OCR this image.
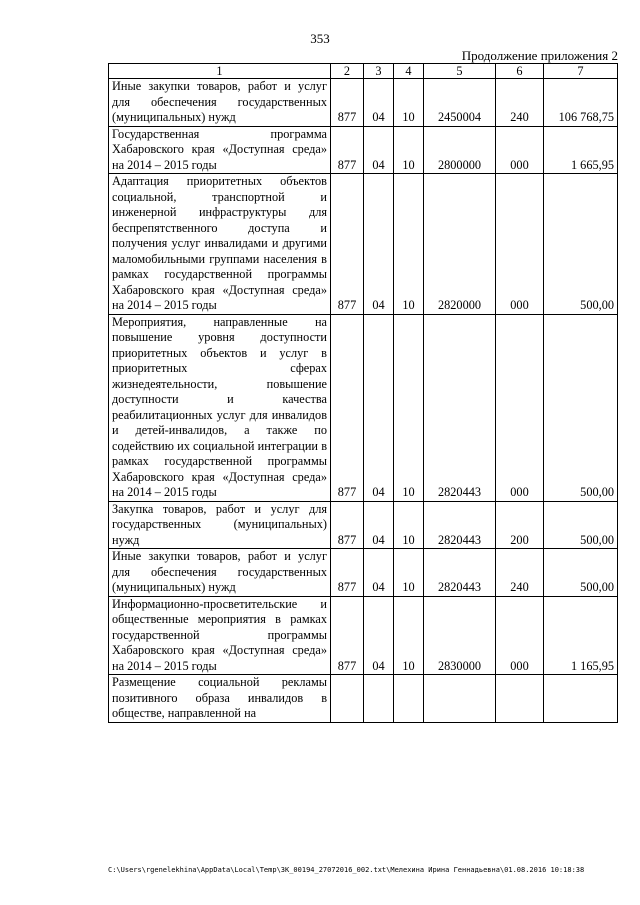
353
Продолжение приложения 2
1	2	3	4	5	6	7
Иные закупки товаров, работ и услуг для обеспечения государственных (муниципальных) нужд	877	04	10	2450004	240	106 768,75
Государственная программа Хабаровского края «Доступная среда» на 2014 – 2015 годы	877	04	10	2800000	000	1 665,95
Адаптация приоритетных объектов социальной, транспортной и инженерной инфраструктуры для беспрепятственного доступа и получения услуг инвалидами и другими маломобильными группами населения в рамках государственной программы Хабаровского края «Доступная среда» на 2014 – 2015 годы	877	04	10	2820000	000	500,00
Мероприятия, направленные на повышение уровня доступности приоритетных объектов и услуг в приоритетных сферах жизнедеятельности, повышение доступности и качества реабилитационных услуг для инвалидов и детей-инвалидов, а также по содействию их социальной интеграции в рамках государственной программы Хабаровского края «Доступная среда» на 2014 – 2015 годы	877	04	10	2820443	000	500,00
Закупка товаров, работ и услуг для государственных (муниципальных) нужд	877	04	10	2820443	200	500,00
Иные закупки товаров, работ и услуг для обеспечения государственных (муниципальных) нужд	877	04	10	2820443	240	500,00
Информационно-просветительские и общественные мероприятия в рамках государственной программы Хабаровского края «Доступная среда» на 2014 – 2015 годы	877	04	10	2830000	000	1 165,95
Размещение социальной рекламы позитивного образа инвалидов в обществе, направленной на						
C:\Users\rgenelekhina\AppData\Local\Temp\ЗК_00194_27072016_002.txt\Мелехина Ирина Геннадьевна\01.08.2016 10:18:38
